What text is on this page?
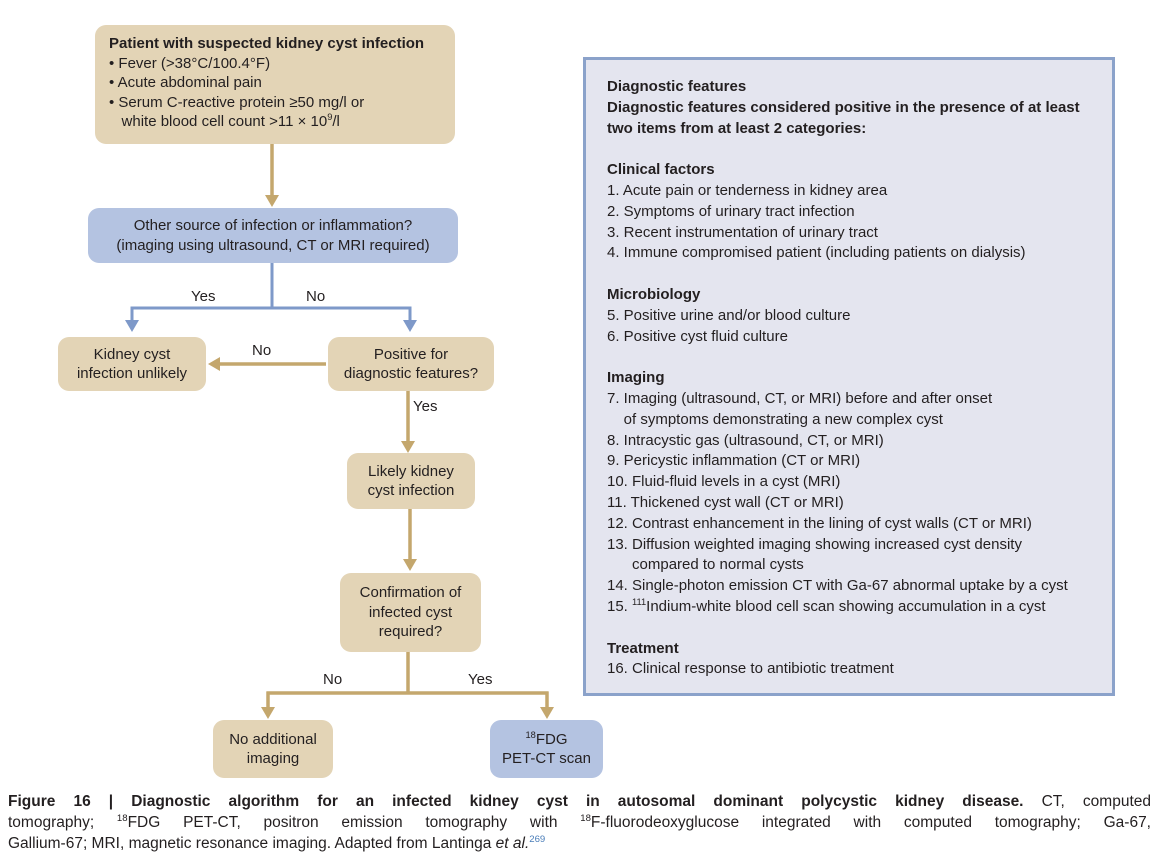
Patient with suspected kidney cyst infection
• Fever (>38°C/100.4°F)
• Acute abdominal pain
• Serum C-reactive protein ≥50 mg/l or
white blood cell count $>11 \times 10^9/l$
Other source of infection or inflammation?
(imaging using ultrasound, CT or MRI required)
Kidney cyst
infection unlikely
Positive for
diagnostic features?
Likely kidney
cyst infection
Confirmation of
infected cyst
required?
No additional
imaging
$^{18}$FDG
PET-CT scan
Yes	No
No
Yes
No	Yes
Diagnostic features
Diagnostic features considered positive in the presence of at least
two items from at least 2 categories:

Clinical factors
1. Acute pain or tenderness in kidney area
2. Symptoms of urinary tract infection
3. Recent instrumentation of urinary tract
4. Immune compromised patient (including patients on dialysis)

Microbiology
5. Positive urine and/or blood culture
6. Positive cyst fluid culture

Imaging
7. Imaging (ultrasound, CT, or MRI) before and after onset
of symptoms demonstrating a new complex cyst
8. Intracystic gas (ultrasound, CT, or MRI)
9. Pericystic inflammation (CT or MRI)
10. Fluid-fluid levels in a cyst (MRI)
11. Thickened cyst wall (CT or MRI)
12. Contrast enhancement in the lining of cyst walls (CT or MRI)
13. Diffusion weighted imaging showing increased cyst density
compared to normal cysts
14. Single-photon emission CT with Ga-67 abnormal uptake by a cyst
15. $^{111}$Indium-white blood cell scan showing accumulation in a cyst

Treatment
16. Clinical response to antibiotic treatment
Figure 16 | Diagnostic algorithm for an infected kidney cyst in autosomal dominant polycystic kidney disease. CT, computed
tomography; $^{18}$FDG PET-CT, positron emission tomography with $^{18}$F-fluorodeoxyglucose integrated with computed tomography; Ga-67,
Gallium-67; MRI, magnetic resonance imaging. Adapted from Lantinga et al.$^{269}$
